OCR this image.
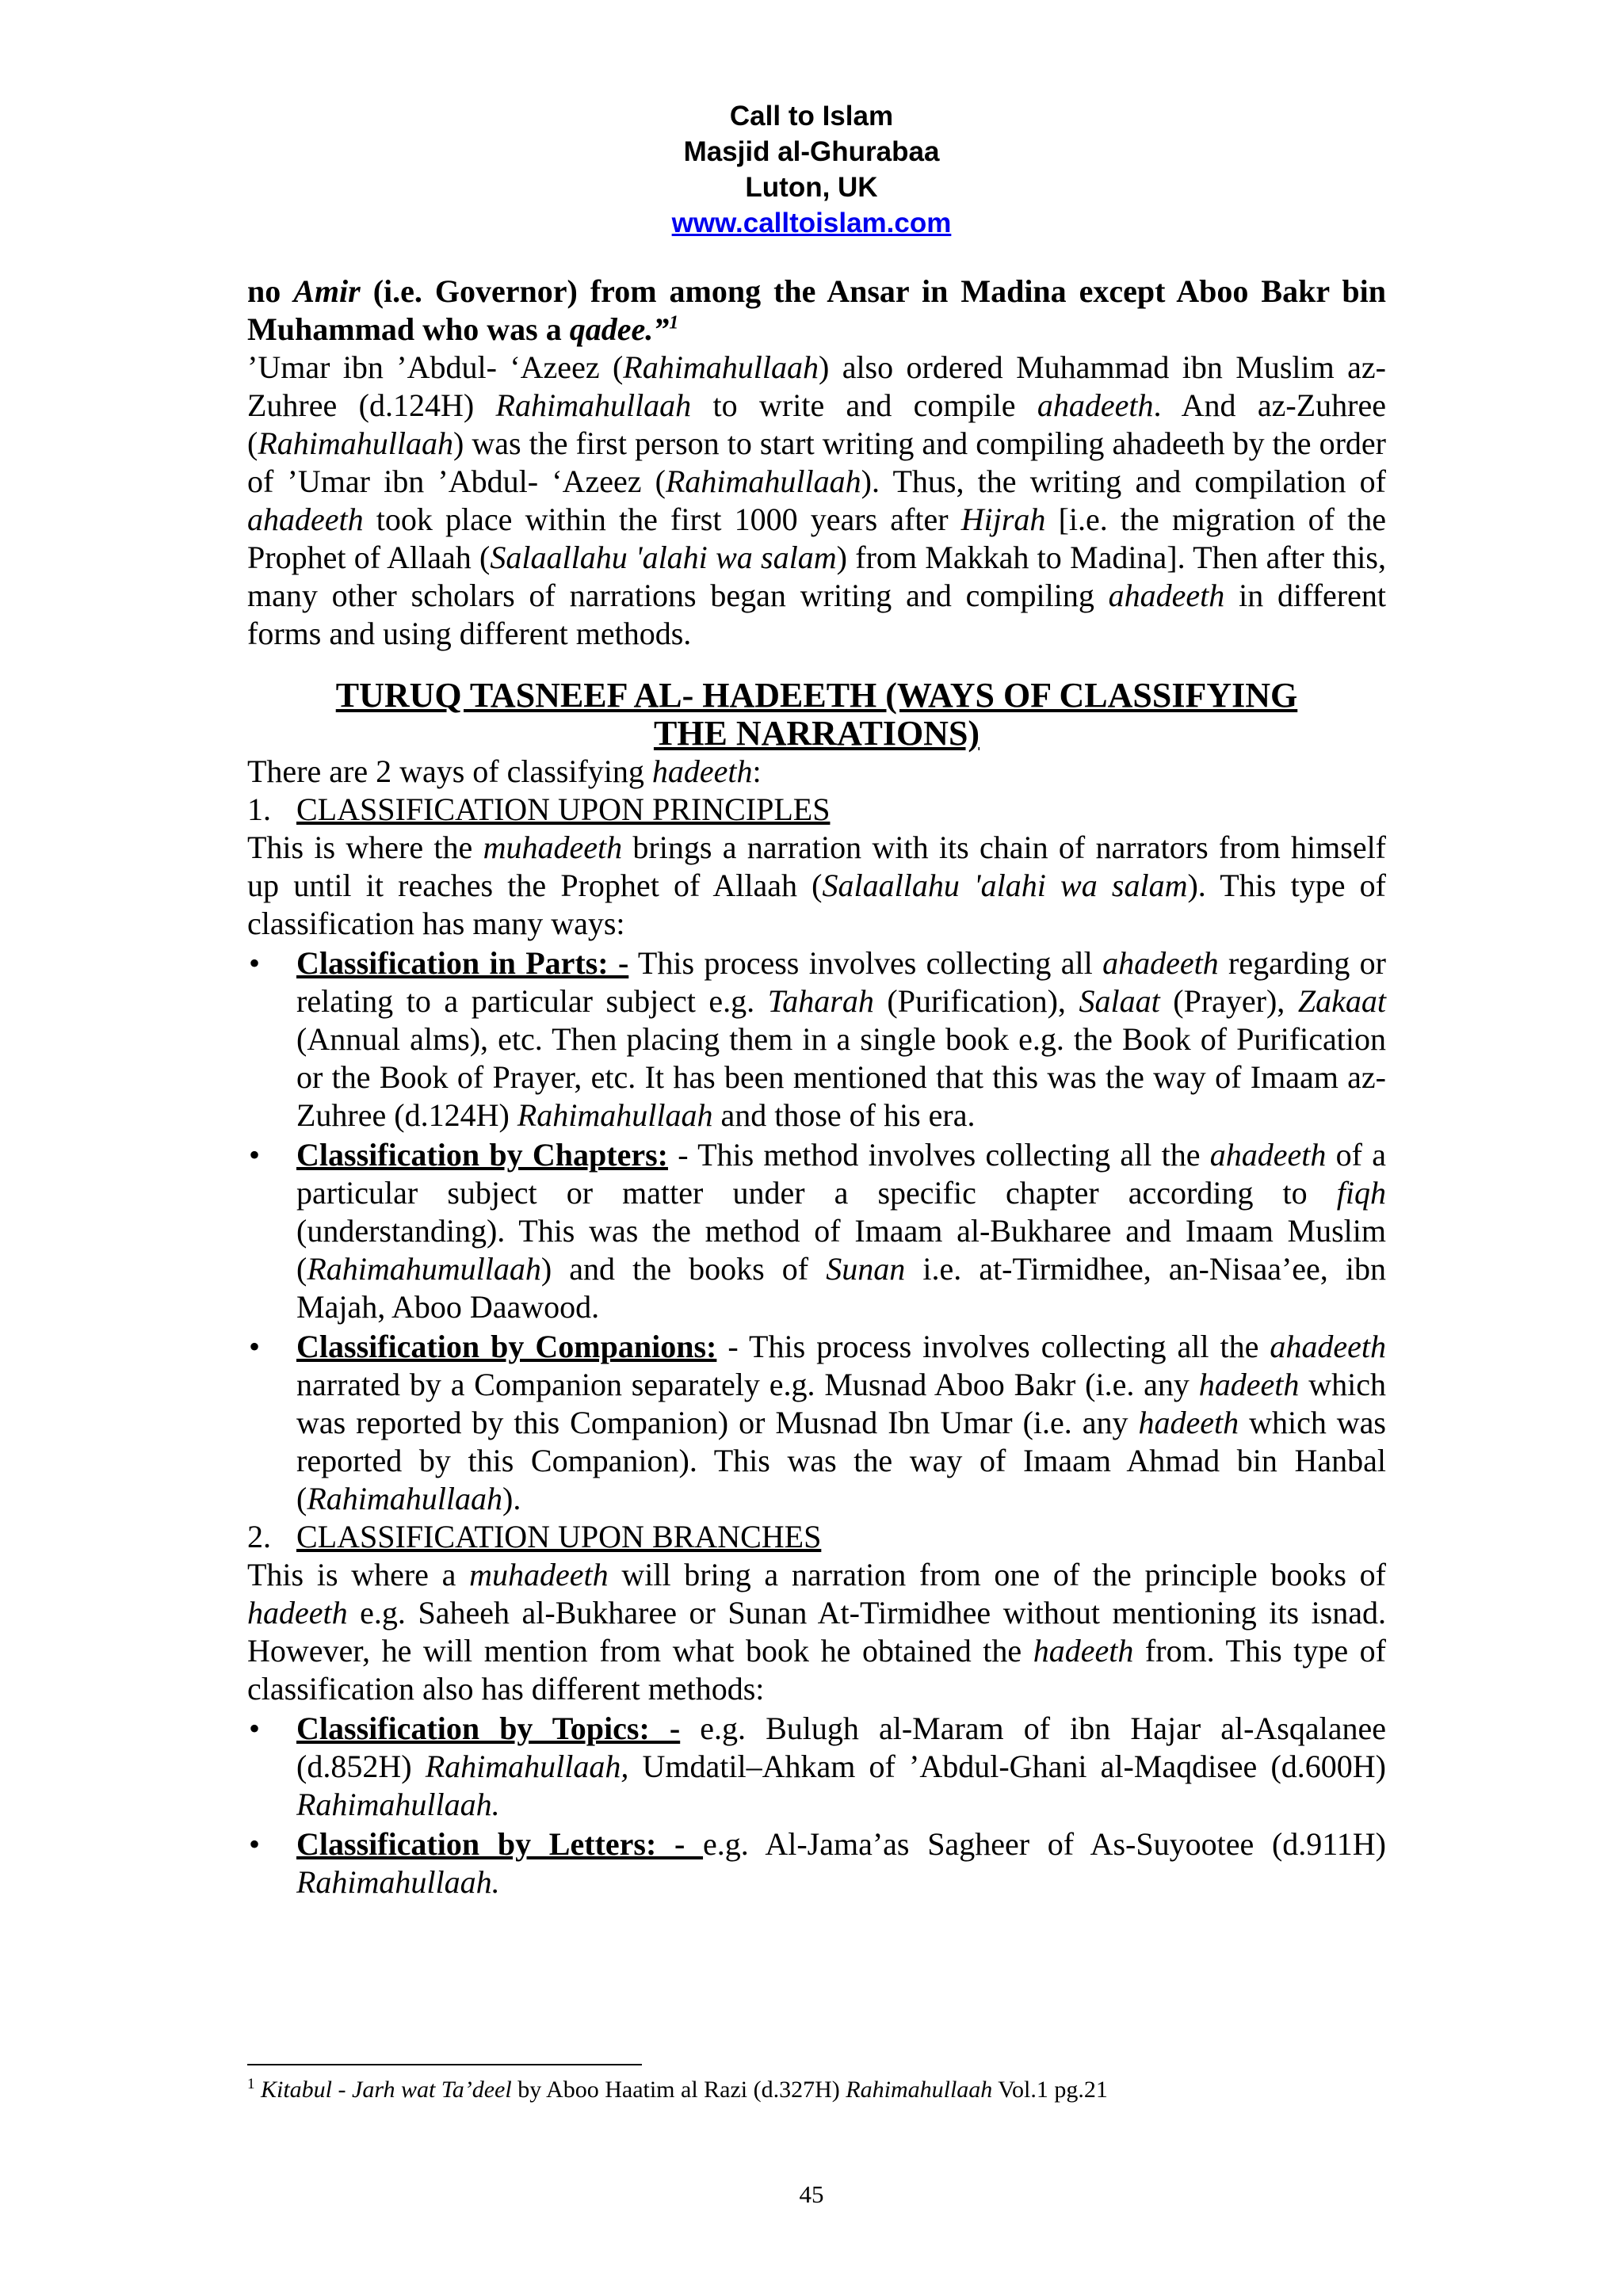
Call to Islam
Masjid al-Ghurabaa
Luton, UK
www.calltoislam.com

no Amir (i.e. Governor) from among the Ansar in Madina except Aboo Bakr bin Muhammad who was a qadee.”$^1$

’Umar ibn ’Abdul- ‘Azeez (Rahimahullaah) also ordered Muhammad ibn Muslim az-Zuhree (d.124H) Rahimahullaah to write and compile ahadeeth. And az-Zuhree (Rahimahullaah) was the first person to start writing and compiling ahadeeth by the order of ’Umar ibn ’Abdul- ‘Azeez (Rahimahullaah). Thus, the writing and compilation of ahadeeth took place within the first 1000 years after Hijrah [i.e. the migration of the Prophet of Allaah (Salaallahu 'alahi wa salam) from Makkah to Madina]. Then after this, many other scholars of narrations began writing and compiling ahadeeth in different forms and using different methods.

TURUQ TASNEEF AL- HADEETH (WAYS OF CLASSIFYING
THE NARRATIONS)

There are 2 ways of classifying hadeeth:

1. CLASSIFICATION UPON PRINCIPLES

This is where the muhadeeth brings a narration with its chain of narrators from himself up until it reaches the Prophet of Allaah (Salaallahu 'alahi wa salam). This type of classification has many ways:

•	Classification in Parts: - This process involves collecting all ahadeeth regarding or relating to a particular subject e.g. Taharah (Purification), Salaat (Prayer), Zakaat (Annual alms), etc. Then placing them in a single book e.g. the Book of Purification or the Book of Prayer, etc. It has been mentioned that this was the way of Imaam az-Zuhree (d.124H) Rahimahullaah and those of his era.
•	Classification by Chapters: - This method involves collecting all the ahadeeth of a particular subject or matter under a specific chapter according to fiqh (understanding). This was the method of Imaam al-Bukharee and Imaam Muslim (Rahimahumullaah) and the books of Sunan i.e. at-Tirmidhee, an-Nisaa’ee, ibn Majah, Aboo Daawood.
•	Classification by Companions: - This process involves collecting all the ahadeeth narrated by a Companion separately e.g. Musnad Aboo Bakr (i.e. any hadeeth which was reported by this Companion) or Musnad Ibn Umar (i.e. any hadeeth which was reported by this Companion). This was the way of Imaam Ahmad bin Hanbal (Rahimahullaah).
2. CLASSIFICATION UPON BRANCHES

This is where a muhadeeth will bring a narration from one of the principle books of hadeeth e.g. Saheeh al-Bukharee or Sunan At-Tirmidhee without mentioning its isnad. However, he will mention from what book he obtained the hadeeth from. This type of classification also has different methods:

•	Classification by Topics: - e.g. Bulugh al-Maram of ibn Hajar al-Asqalanee (d.852H) Rahimahullaah, Umdatil–Ahkam of ’Abdul-Ghani al-Maqdisee (d.600H) Rahimahullaah.
•	Classification by Letters: - e.g. Al-Jama’as Sagheer of As-Suyootee (d.911H) Rahimahullaah.
$^1$ Kitabul - Jarh wat Ta’deel by Aboo Haatim al Razi (d.327H) Rahimahullaah Vol.1 pg.21
45
